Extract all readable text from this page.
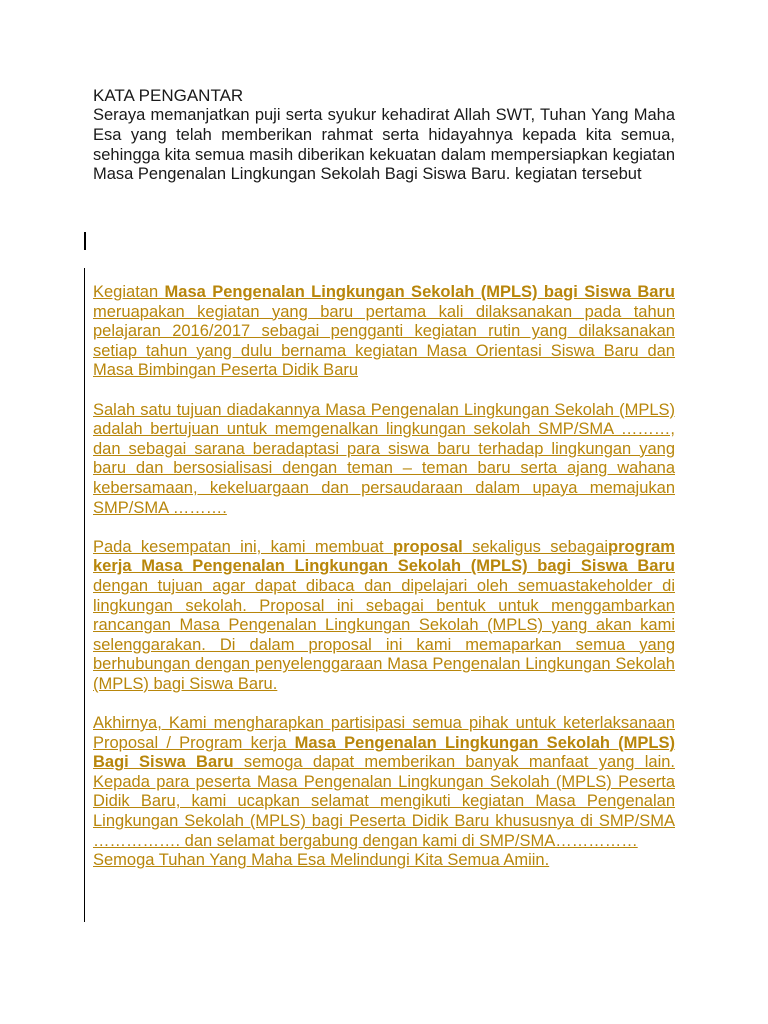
KATA PENGANTAR

Seraya memanjatkan puji serta syukur kehadirat Allah SWT, Tuhan Yang Maha Esa yang telah memberikan rahmat serta hidayahnya kepada kita semua, sehingga kita semua masih diberikan kekuatan dalam mempersiapkan kegiatan Masa Pengenalan Lingkungan Sekolah Bagi Siswa Baru. kegiatan tersebut

Kegiatan Masa Pengenalan Lingkungan Sekolah (MPLS) bagi Siswa Baru meruapakan kegiatan yang baru pertama kali dilaksanakan pada tahun pelajaran 2016/2017 sebagai pengganti kegiatan rutin yang dilaksanakan setiap tahun yang dulu bernama kegiatan Masa Orientasi Siswa Baru dan Masa Bimbingan Peserta Didik Baru

Salah satu tujuan diadakannya Masa Pengenalan Lingkungan Sekolah (MPLS) adalah bertujuan untuk memgenalkan lingkungan sekolah SMP/SMA ………, dan sebagai sarana beradaptasi para siswa baru terhadap lingkungan yang baru dan bersosialisasi dengan teman – teman baru serta ajang wahana kebersamaan, kekeluargaan dan persaudaraan dalam upaya memajukan SMP/SMA ……….

Pada kesempatan ini, kami membuat proposal sekaligus sebagaiprogram kerja Masa Pengenalan Lingkungan Sekolah (MPLS) bagi Siswa Baru dengan tujuan agar dapat dibaca dan dipelajari oleh semuastakeholder di lingkungan sekolah. Proposal ini sebagai bentuk untuk menggambarkan rancangan Masa Pengenalan Lingkungan Sekolah (MPLS) yang akan kami selenggarakan. Di dalam proposal ini kami memaparkan semua yang berhubungan dengan penyelenggaraan Masa Pengenalan Lingkungan Sekolah (MPLS) bagi Siswa Baru.

Akhirnya, Kami mengharapkan partisipasi semua pihak untuk keterlaksanaan Proposal / Program kerja Masa Pengenalan Lingkungan Sekolah (MPLS) Bagi Siswa Baru semoga dapat memberikan banyak manfaat yang lain. Kepada para peserta Masa Pengenalan Lingkungan Sekolah (MPLS) Peserta Didik Baru, kami ucapkan selamat mengikuti kegiatan Masa Pengenalan Lingkungan Sekolah (MPLS) bagi Peserta Didik Baru khususnya di SMP/SMA ……………. dan selamat bergabung dengan kami di SMP/SMA……………
Semoga Tuhan Yang Maha Esa Melindungi Kita Semua Amiin.
